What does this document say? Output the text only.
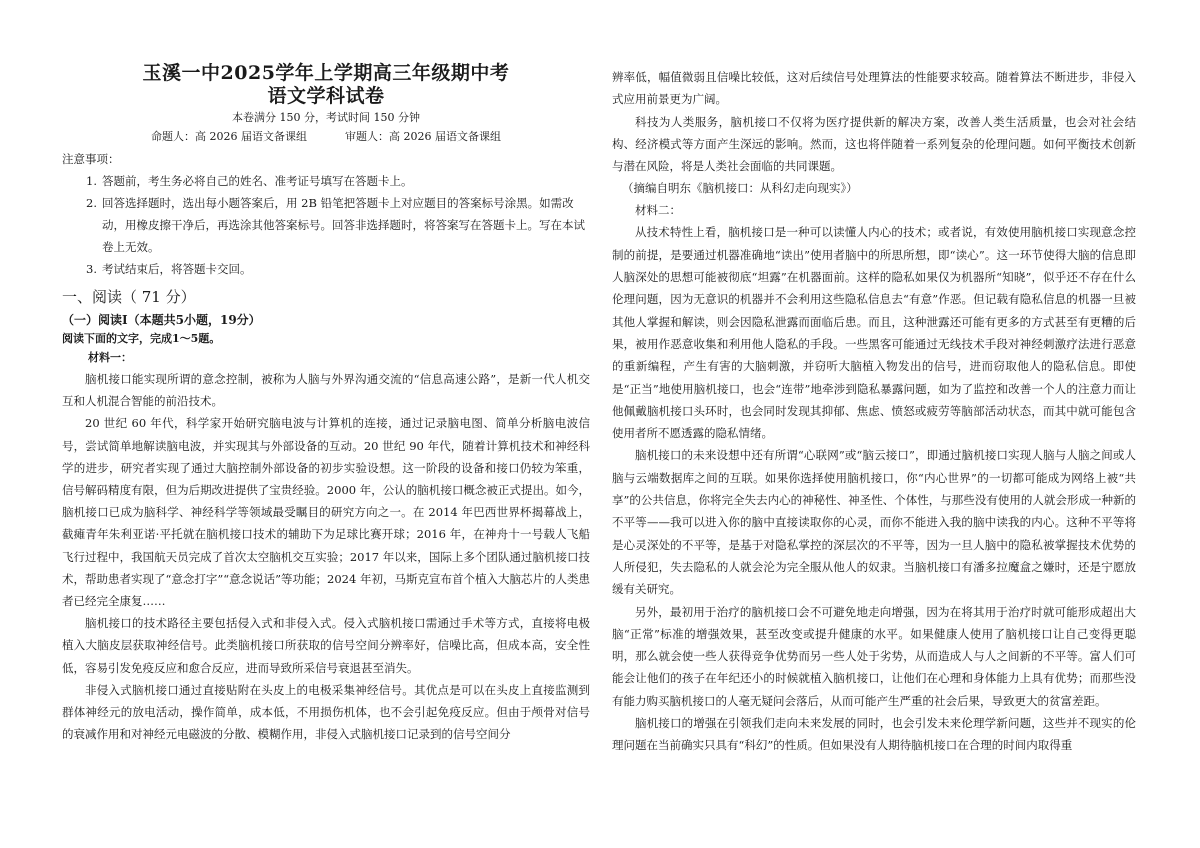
玉溪一中2025学年上学期高三年级期中考
语文学科试卷
本卷满分 150 分，考试时间 150 分钟
命题人：高 2026 届语文备课组	审题人：高 2026 届语文备课组
注意事项：
1. 答题前，考生务必将自己的姓名、准考证号填写在答题卡上。
2. 回答选择题时，选出每小题答案后，用 2B 铅笔把答题卡上对应题目的答案标号涂黑。如需改动，用橡皮擦干净后，再选涂其他答案标号。回答非选择题时，将答案写在答题卡上。写在本试卷上无效。
3. 考试结束后，将答题卡交回。
一、阅读（ 71 分）
（一）阅读Ⅰ（本题共5小题，19分）
阅读下面的文字，完成1～5题。
材料一：

脑机接口能实现所谓的意念控制，被称为人脑与外界沟通交流的“信息高速公路”，是新一代人机交互和人机混合智能的前沿技术。

20 世纪 60 年代，科学家开始研究脑电波与计算机的连接，通过记录脑电图、简单分析脑电波信号，尝试简单地解读脑电波，并实现其与外部设备的互动。20 世纪 90 年代，随着计算机技术和神经科学的进步，研究者实现了通过大脑控制外部设备的初步实验设想。这一阶段的设备和接口仍较为笨重，信号解码精度有限，但为后期改进提供了宝贵经验。2000 年，公认的脑机接口概念被正式提出。如今，脑机接口已成为脑科学、神经科学等领域最受瞩目的研究方向之一。在 2014 年巴西世界杯揭幕战上，截瘫青年朱利亚诺·平托就在脑机接口技术的辅助下为足球比赛开球；2016 年，在神舟十一号载人飞船飞行过程中，我国航天员完成了首次太空脑机交互实验；2017 年以来，国际上多个团队通过脑机接口技术，帮助患者实现了“意念打字”“意念说话”等功能；2024 年初，马斯克宣布首个植入大脑芯片的人类患者已经完全康复……

脑机接口的技术路径主要包括侵入式和非侵入式。侵入式脑机接口需通过手术等方式，直接将电极植入大脑皮层获取神经信号。此类脑机接口所获取的信号空间分辨率好，信噪比高，但成本高，安全性低，容易引发免疫反应和愈合反应，进而导致所采信号衰退甚至消失。

非侵入式脑机接口通过直接贴附在头皮上的电极采集神经信号。其优点是可以在头皮上直接监测到群体神经元的放电活动，操作简单，成本低，不用损伤机体，也不会引起免疫反应。但由于颅骨对信号的衰减作用和对神经元电磁波的分散、模糊作用，非侵入式脑机接口记录到的信号空间分

辨率低，幅值微弱且信噪比较低，这对后续信号处理算法的性能要求较高。随着算法不断进步，非侵入式应用前景更为广阔。

科技为人类服务，脑机接口不仅将为医疗提供新的解决方案，改善人类生活质量，也会对社会结构、经济模式等方面产生深远的影响。然而，这也将伴随着一系列复杂的伦理问题。如何平衡技术创新与潜在风险，将是人类社会面临的共同课题。

（摘编自明东《脑机接口：从科幻走向现实》）

材料二：

从技术特性上看，脑机接口是一种可以读懂人内心的技术；或者说，有效使用脑机接口实现意念控制的前提，是要通过机器准确地“读出”使用者脑中的所思所想，即“读心”。这一环节使得大脑的信息即人脑深处的思想可能被彻底“坦露”在机器面前。这样的隐私如果仅为机器所“知晓”，似乎还不存在什么伦理问题，因为无意识的机器并不会利用这些隐私信息去“有意”作恶。但记载有隐私信息的机器一旦被其他人掌握和解读，则会因隐私泄露而面临后患。而且，这种泄露还可能有更多的方式甚至有更糟的后果，被用作恶意收集和利用他人隐私的手段。一些黑客可能通过无线技术手段对神经刺激疗法进行恶意的重新编程，产生有害的大脑刺激，并窃听大脑植入物发出的信号，进而窃取他人的隐私信息。即使是“正当”地使用脑机接口，也会“连带”地牵涉到隐私暴露问题，如为了监控和改善一个人的注意力而让他佩戴脑机接口头环时，也会同时发现其抑郁、焦虑、愤怒或疲劳等脑部活动状态，而其中就可能包含使用者所不愿透露的隐私情绪。

脑机接口的未来设想中还有所谓“心联网”或“脑云接口”，即通过脑机接口实现人脑与人脑之间或人脑与云端数据库之间的互联。如果你选择使用脑机接口，你“内心世界”的一切都可能成为网络上被“共享”的公共信息，你将完全失去内心的神秘性、神圣性、个体性，与那些没有使用的人就会形成一种新的不平等——我可以进入你的脑中直接读取你的心灵，而你不能进入我的脑中读我的内心。这种不平等将是心灵深处的不平等，是基于对隐私掌控的深层次的不平等，因为一旦人脑中的隐私被掌握技术优势的人所侵犯，失去隐私的人就会沦为完全服从他人的奴隶。当脑机接口有潘多拉魔盒之嫌时，还是宁愿放缓有关研究。

另外，最初用于治疗的脑机接口会不可避免地走向增强，因为在将其用于治疗时就可能形成超出大脑“正常”标准的增强效果，甚至改变或提升健康的水平。如果健康人使用了脑机接口让自己变得更聪明，那么就会使一些人获得竞争优势而另一些人处于劣势，从而造成人与人之间新的不平等。富人们可能会让他们的孩子在年纪还小的时候就植入脑机接口，让他们在心理和身体能力上具有优势；而那些没有能力购买脑机接口的人毫无疑问会落后，从而可能产生严重的社会后果，导致更大的贫富差距。

脑机接口的增强在引领我们走向未来发展的同时，也会引发未来伦理学新问题，这些并不现实的伦理问题在当前确实只具有“科幻”的性质。但如果没有人期待脑机接口在合理的时间内取得重
